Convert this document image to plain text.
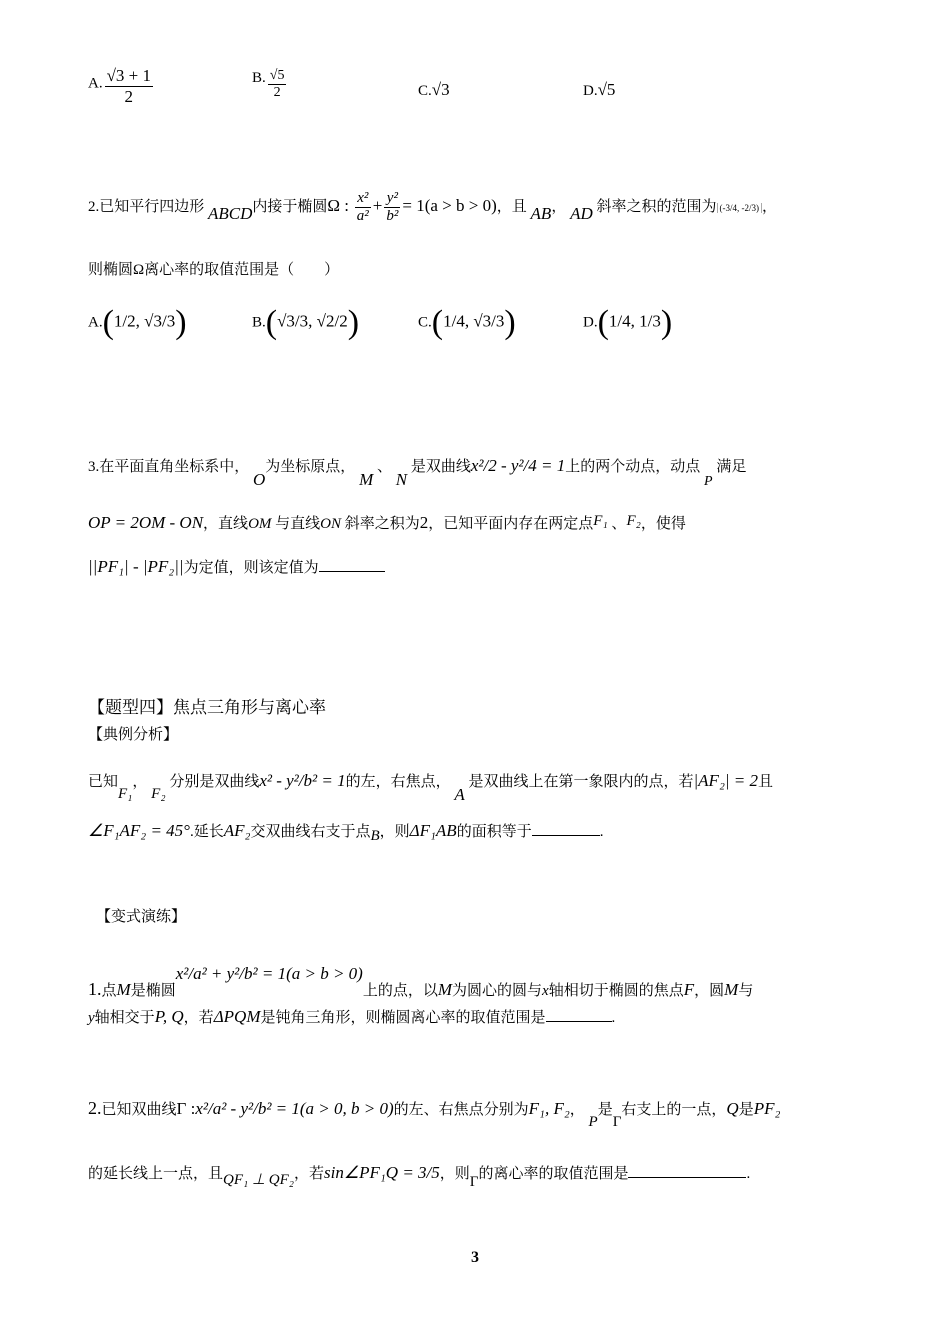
A. $\frac{√3 + 1}{2}$	B. $\frac{√5}{2}$	C.√3	D.√5
2.已知平行四边形 ABCD内接于椭圆Ω : $\frac{\text{x²}}{\text{a²}} + \frac{\text{y²}}{\text{b²}} = 1(a > b > 0)$，且 AB， AD 斜率之积的范围为 (-3/4, -2/3) ，
则椭圆Ω离心率的取值范围是（　　）
A.(1/2, √3/3)	B.(√3/3, √2/2)	C.(1/4, √3/3)	D.(1/4, 1/3)
3.在平面直角坐标系中， O为坐标原点， M 、 N 是双曲线x²/2 - y²/4 = 1上的两个动点，动点 P 满足
OP = 2OM - ON，直线OM 与直线ON 斜率之积为2，已知平面内存在两定点F₁ 、F₂，使得
||PF₁| - |PF₂||为定值，则该定值为
【题型四】焦点三角形与离心率
【典例分析】
已知F₁， F₂ 分别是双曲线x² - y²/b² = 1的左，右焦点， A 是双曲线上在第一象限内的点，若|AF₂| = 2且
∠F₁AF₂ = 45°.延长AF₂交双曲线右支于点B，则ΔF₁AB的面积等于	.
【变式演练】
1.点M是椭圆x²/a² + y²/b² = 1(a > b > 0)上的点，以M为圆心的圆与x轴相切于椭圆的焦点F，圆M与
y轴相交于P, Q，若ΔPQM是钝角三角形，则椭圆离心率的取值范围是	.
2.已知双曲线Γ :x²/a² - y²/b² = 1(a > 0, b > 0)的左、右焦点分别为F₁, F₂， P是Γ右支上的一点，Q是PF₂
的延长线上一点，且QF₁ ⊥ QF₂，若sin∠PF₁Q = 3/5，则Γ的离心率的取值范围是	.
3
